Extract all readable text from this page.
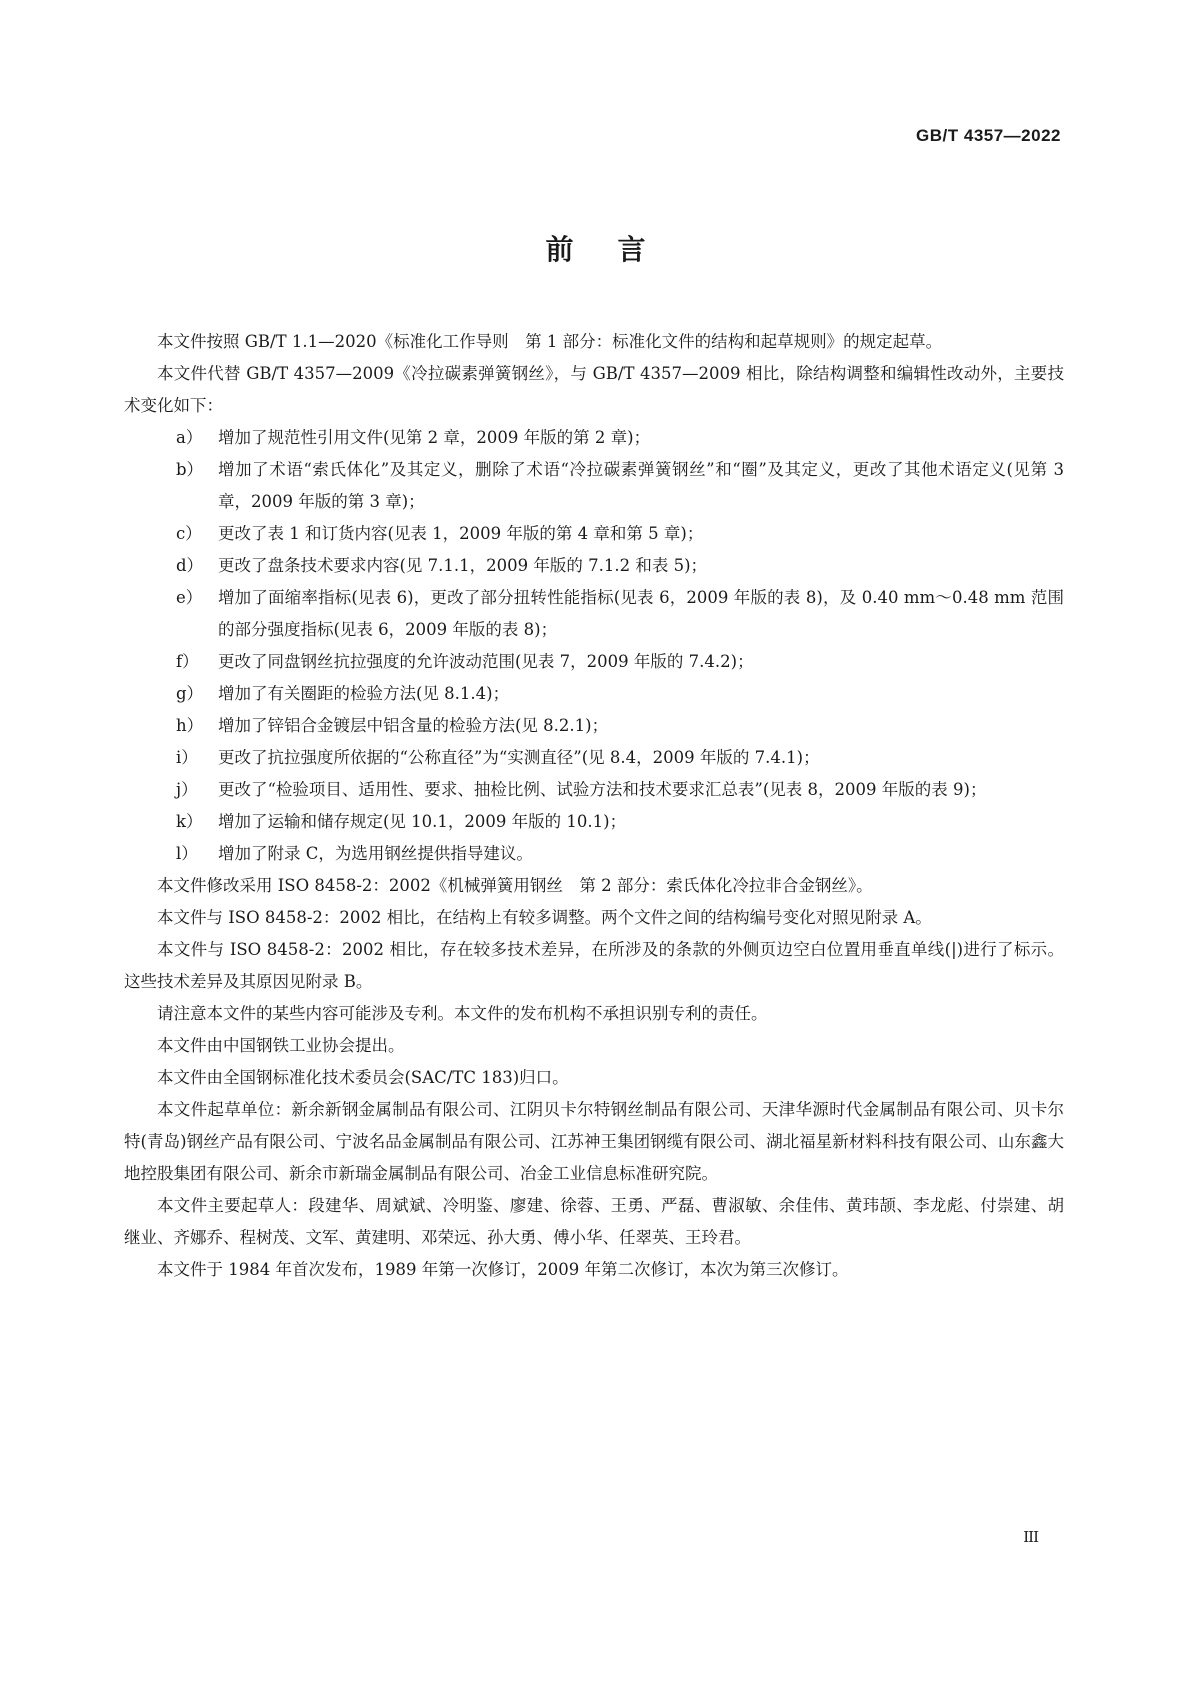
GB/T 4357—2022
前言

本文件按照 GB/T 1.1—2020《标准化工作导则　第 1 部分：标准化文件的结构和起草规则》的规定起草。

本文件代替 GB/T 4357—2009《冷拉碳素弹簧钢丝》，与 GB/T 4357—2009 相比，除结构调整和编辑性改动外，主要技术变化如下：

a） 增加了规范性引用文件(见第 2 章，2009 年版的第 2 章)；
b） 增加了术语“索氏体化”及其定义，删除了术语“冷拉碳素弹簧钢丝”和“圈”及其定义，更改了其他术语定义(见第 3 章，2009 年版的第 3 章)；
c） 更改了表 1 和订货内容(见表 1，2009 年版的第 4 章和第 5 章)；
d） 更改了盘条技术要求内容(见 7.1.1，2009 年版的 7.1.2 和表 5)；
e） 增加了面缩率指标(见表 6)，更改了部分扭转性能指标(见表 6，2009 年版的表 8)，及 0.40 mm～0.48 mm 范围的部分强度指标(见表 6，2009 年版的表 8)；
f） 更改了同盘钢丝抗拉强度的允许波动范围(见表 7，2009 年版的 7.4.2)；
g） 增加了有关圈距的检验方法(见 8.1.4)；
h） 增加了锌铝合金镀层中铝含量的检验方法(见 8.2.1)；
i） 更改了抗拉强度所依据的“公称直径”为“实测直径”(见 8.4，2009 年版的 7.4.1)；
j） 更改了“检验项目、适用性、要求、抽检比例、试验方法和技术要求汇总表”(见表 8，2009 年版的表 9)；
k） 增加了运输和储存规定(见 10.1，2009 年版的 10.1)；
l） 增加了附录 C，为选用钢丝提供指导建议。

本文件修改采用 ISO 8458-2：2002《机械弹簧用钢丝　第 2 部分：索氏体化冷拉非合金钢丝》。

本文件与 ISO 8458-2：2002 相比，在结构上有较多调整。两个文件之间的结构编号变化对照见附录 A。

本文件与 ISO 8458-2：2002 相比，存在较多技术差异，在所涉及的条款的外侧页边空白位置用垂直单线(|)进行了标示。这些技术差异及其原因见附录 B。

请注意本文件的某些内容可能涉及专利。本文件的发布机构不承担识别专利的责任。

本文件由中国钢铁工业协会提出。

本文件由全国钢标准化技术委员会(SAC/TC 183)归口。

本文件起草单位：新余新钢金属制品有限公司、江阴贝卡尔特钢丝制品有限公司、天津华源时代金属制品有限公司、贝卡尔特(青岛)钢丝产品有限公司、宁波名品金属制品有限公司、江苏神王集团钢缆有限公司、湖北福星新材料科技有限公司、山东鑫大地控股集团有限公司、新余市新瑞金属制品有限公司、冶金工业信息标准研究院。

本文件主要起草人：段建华、周斌斌、冷明鉴、廖建、徐蓉、王勇、严磊、曹淑敏、余佳伟、黄玮颉、李龙彪、付崇建、胡继业、齐娜乔、程树茂、文军、黄建明、邓荣远、孙大勇、傅小华、任翠英、王玲君。

本文件于 1984 年首次发布，1989 年第一次修订，2009 年第二次修订，本次为第三次修订。

III
